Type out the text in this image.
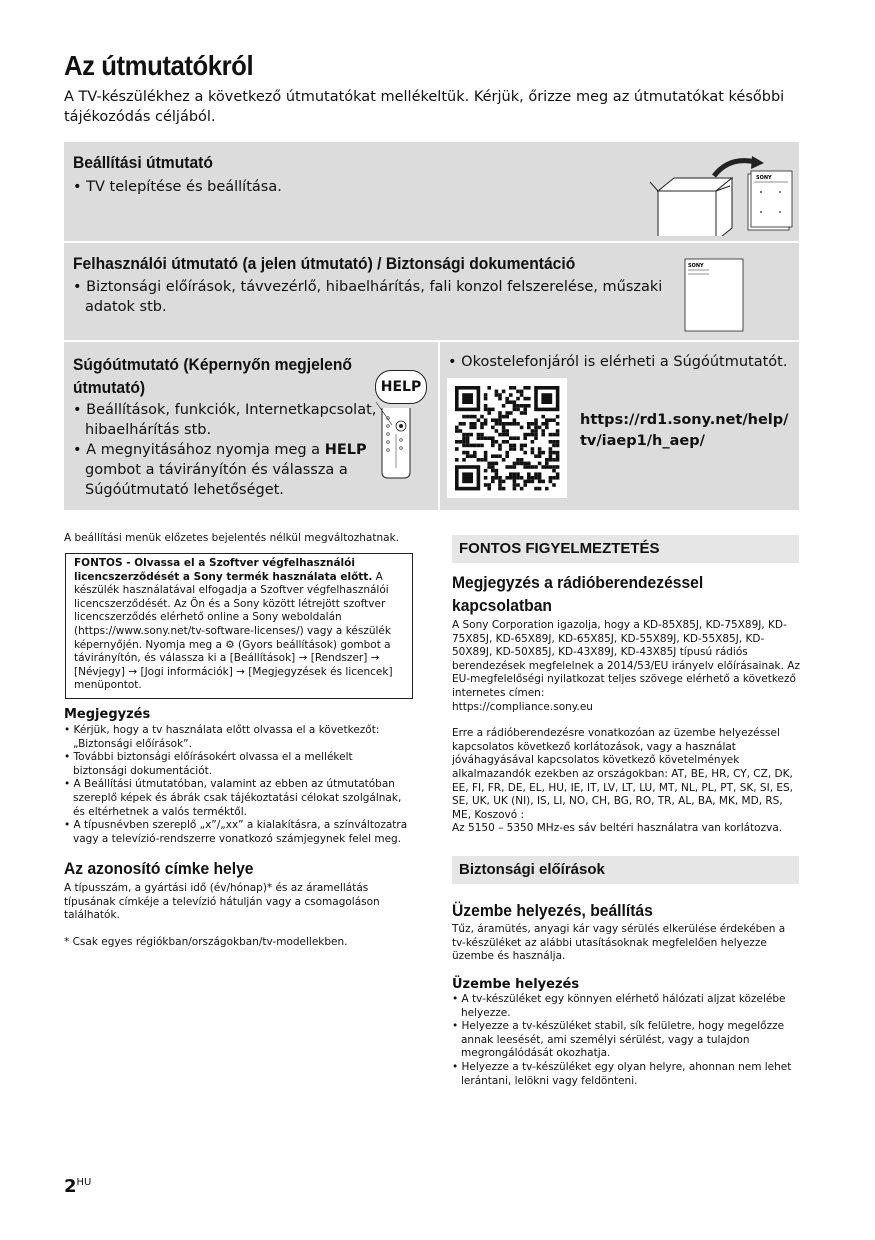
Az útmutatókról
A TV-készülékhez a következő útmutatókat mellékeltük. Kérjük, őrizze meg az útmutatókat későbbi tájékozódás céljából.
Beállítási útmutató
• TV telepítése és beállítása.
SONY
Felhasználói útmutató (a jelen útmutató) / Biztonsági dokumentáció
• Biztonsági előírások, távvezérlő, hibaelhárítás, fali konzol felszerelése, műszaki adatok stb.
SONY
Súgóútmutató (Képernyőn megjelenő
útmutató)
• Beállítások, funkciók, Internetkapcsolat, hibaelhárítás stb.
• A megnyitásához nyomja meg a HELP gombot a távirányítón és válassza a Súgóútmutató lehetőséget.
HELP
• Okostelefonjáról is elérheti a Súgóútmutatót.
https://rd1.sony.net/help/
tv/iaep1/h_aep/
A beállítási menük előzetes bejelentés nélkül megváltozhatnak.
FONTOS - Olvassa el a Szoftver végfelhasználói licencszerződését a Sony termék használata előtt. A készülék használatával elfogadja a Szoftver végfelhasználói licencszerződését. Az Ön és a Sony között létrejött szoftver licencszerződés elérhető online a Sony weboldalán (https://www.sony.net/tv-software-licenses/) vagy a készülék képernyőjén. Nyomja meg a ⚙ (Gyors beállítások) gombot a távirányítón, és válassza ki a [Beállítások] → [Rendszer] → [Névjegy] → [Jogi információk] → [Megjegyzések és licencek] menüpontot.
Megjegyzés
• Kérjük, hogy a tv használata előtt olvassa el a következőt: „Biztonsági előírások”.
• További biztonsági előírásokért olvassa el a mellékelt biztonsági dokumentációt.
• A Beállítási útmutatóban, valamint az ebben az útmutatóban szereplő képek és ábrák csak tájékoztatási célokat szolgálnak, és eltérhetnek a valós terméktől.
• A típusnévben szereplő „x”/„xx” a kialakításra, a színváltozatra vagy a televízió-rendszerre vonatkozó számjegynek felel meg.
Az azonosító címke helye
A típusszám, a gyártási idő (év/hónap)* és az áramellátás típusának címkéje a televízió hátulján vagy a csomagoláson találhatók.
* Csak egyes régiókban/országokban/tv-modellekben.
FONTOS FIGYELMEZTETÉS
Megjegyzés a rádióberendezéssel
kapcsolatban
A Sony Corporation igazolja, hogy a KD-85X85J, KD-75X89J, KD-75X85J, KD-65X89J, KD-65X85J, KD-55X89J, KD-55X85J, KD-50X89J, KD-50X85J, KD-43X89J, KD-43X85J típusú rádiós berendezések megfelelnek a 2014/53/EU irányelv előírásainak. Az EU-megfelelőségi nyilatkozat teljes szövege elérhető a következő internetes címen:
https://compliance.sony.eu
Erre a rádióberendezésre vonatkozóan az üzembe helyezéssel kapcsolatos következő korlátozások, vagy a használat jóváhagyásával kapcsolatos következő követelmények alkalmazandók ezekben az országokban: AT, BE, HR, CY, CZ, DK, EE, FI, FR, DE, EL, HU, IE, IT, LV, LT, LU, MT, NL, PL, PT, SK, SI, ES, SE, UK, UK (NI), IS, LI, NO, CH, BG, RO, TR, AL, BA, MK, MD, RS, ME, Koszovó :
Az 5150 – 5350 MHz-es sáv beltéri használatra van korlátozva.
Biztonsági előírások
Üzembe helyezés, beállítás
Tűz, áramütés, anyagi kár vagy sérülés elkerülése érdekében a tv-készüléket az alábbi utasításoknak megfelelően helyezze üzembe és használja.
Üzembe helyezés
• A tv-készüléket egy könnyen elérhető hálózati aljzat közelébe helyezze.
• Helyezze a tv-készüléket stabil, sík felületre, hogy megelőzze annak leesését, ami személyi sérülést, vagy a tulajdon megrongálódását okozhatja.
• Helyezze a tv-készüléket egy olyan helyre, ahonnan nem lehet lerántani, lelökni vagy feldönteni.
$2^{HU}$
